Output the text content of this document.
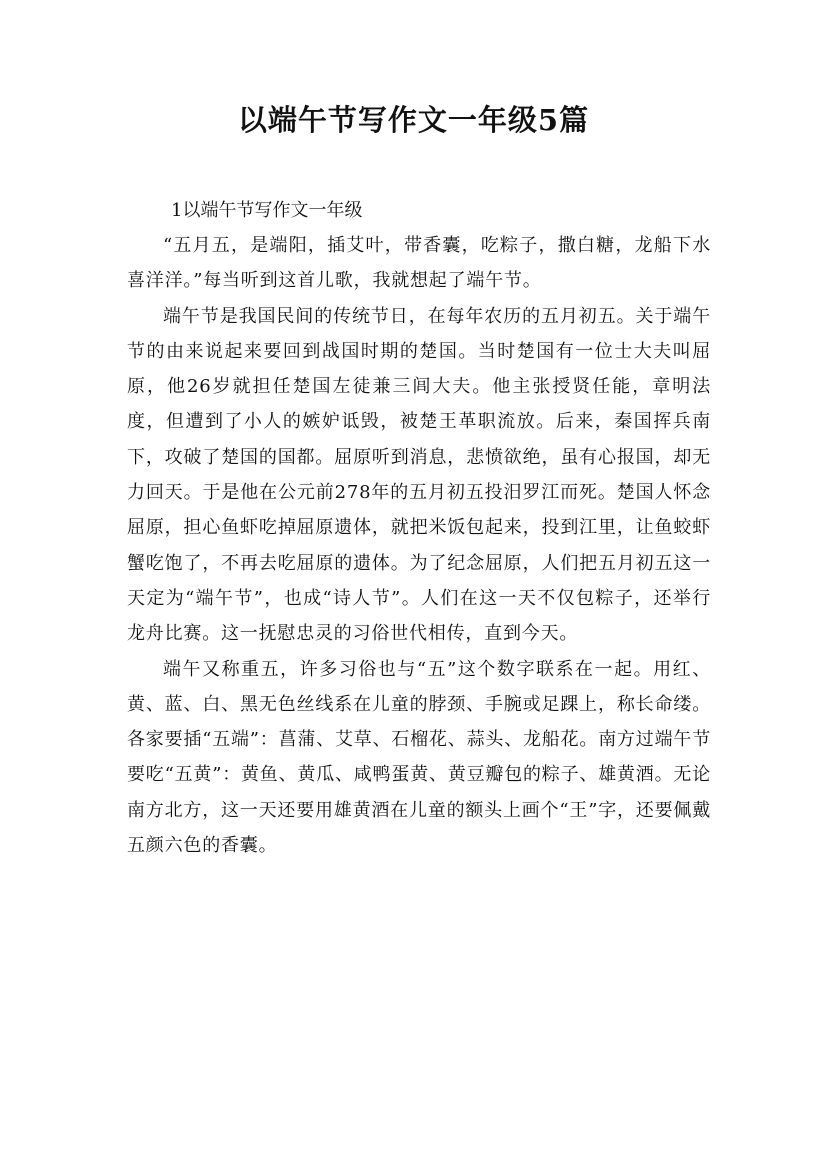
以端午节写作文一年级5篇
1以端午节写作文一年级

“五月五，是端阳，插艾叶，带香囊，吃粽子，撒白糖，龙船下水喜洋洋。”每当听到这首儿歌，我就想起了端午节。

端午节是我国民间的传统节日，在每年农历的五月初五。关于端午节的由来说起来要回到战国时期的楚国。当时楚国有一位士大夫叫屈原，他26岁就担任楚国左徒兼三闾大夫。他主张授贤任能，章明法度，但遭到了小人的嫉妒诋毁，被楚王革职流放。后来，秦国挥兵南下，攻破了楚国的国都。屈原听到消息，悲愤欲绝，虽有心报国，却无力回天。于是他在公元前278年的五月初五投汨罗江而死。楚国人怀念屈原，担心鱼虾吃掉屈原遗体，就把米饭包起来，投到江里，让鱼蛟虾蟹吃饱了，不再去吃屈原的遗体。为了纪念屈原，人们把五月初五这一天定为“端午节”，也成“诗人节”。人们在这一天不仅包粽子，还举行龙舟比赛。这一抚慰忠灵的习俗世代相传，直到今天。

端午又称重五，许多习俗也与“五”这个数字联系在一起。用红、黄、蓝、白、黑无色丝线系在儿童的脖颈、手腕或足踝上，称长命缕。各家要插“五端”：菖蒲、艾草、石榴花、蒜头、龙船花。南方过端午节要吃“五黄”：黄鱼、黄瓜、咸鸭蛋黄、黄豆瓣包的粽子、雄黄酒。无论南方北方，这一天还要用雄黄酒在儿童的额头上画个“王”字，还要佩戴五颜六色的香囊。
